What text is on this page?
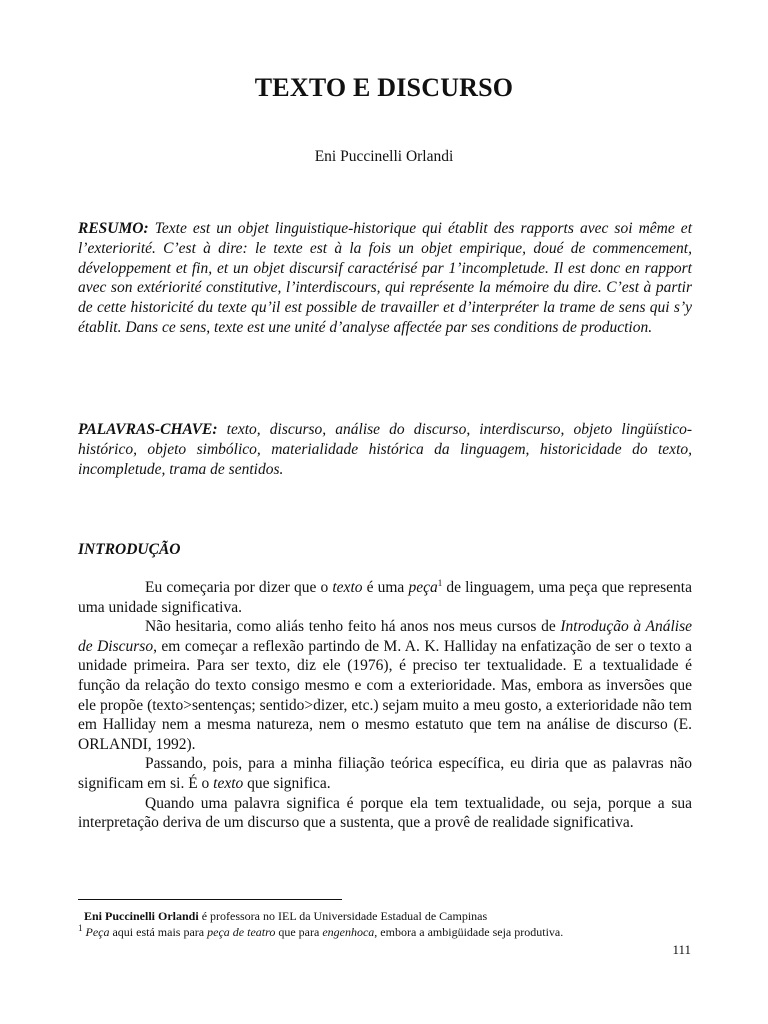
TEXTO E DISCURSO
Eni Puccinelli Orlandi
RESUMO: Texte est un objet linguistique-historique qui établit des rapports avec soi même et l’exteriorité. C’est à dire: le texte est à la fois un objet empirique, doué de commencement, développement et fin, et un objet discursif caractérisé par 1’incompletude. Il est donc en rapport avec son extériorité constitutive, l’interdiscours, qui représente la mémoire du dire. C’est à partir de cette historicité du texte qu’il est possible de travailler et d’interpréter la trame de sens qui s’y établit. Dans ce sens, texte est une unité d’analyse affectée par ses conditions de production.
PALAVRAS-CHAVE: texto, discurso, análise do discurso, interdiscurso, objeto lingüístico-histórico, objeto simbólico, materialidade histórica da linguagem, historicidade do texto, incompletude, trama de sentidos.
INTRODUÇÃO

Eu começaria por dizer que o texto é uma peça$^1$ de linguagem, uma peça que representa uma unidade significativa.

Não hesitaria, como aliás tenho feito há anos nos meus cursos de Introdução à Análise de Discurso, em começar a reflexão partindo de M. A. K. Halliday na enfatização de ser o texto a unidade primeira. Para ser texto, diz ele (1976), é preciso ter textualidade. E a textualidade é função da relação do texto consigo mesmo e com a exterioridade. Mas, embora as inversões que ele propõe (texto>sentenças; sentido>dizer, etc.) sejam muito a meu gosto, a exterioridade não tem em Halliday nem a mesma natureza, nem o mesmo estatuto que tem na análise de discurso (E. ORLANDI, 1992).

Passando, pois, para a minha filiação teórica específica, eu diria que as palavras não significam em si. É o texto que significa.

Quando uma palavra significa é porque ela tem textualidade, ou seja, porque a sua interpretação deriva de um discurso que a sustenta, que a provê de realidade significativa.

Eni Puccinelli Orlandi é professora no IEL da Universidade Estadual de Campinas

$^1$ Peça aqui está mais para peça de teatro que para engenhoca, embora a ambigüidade seja produtiva.

111
